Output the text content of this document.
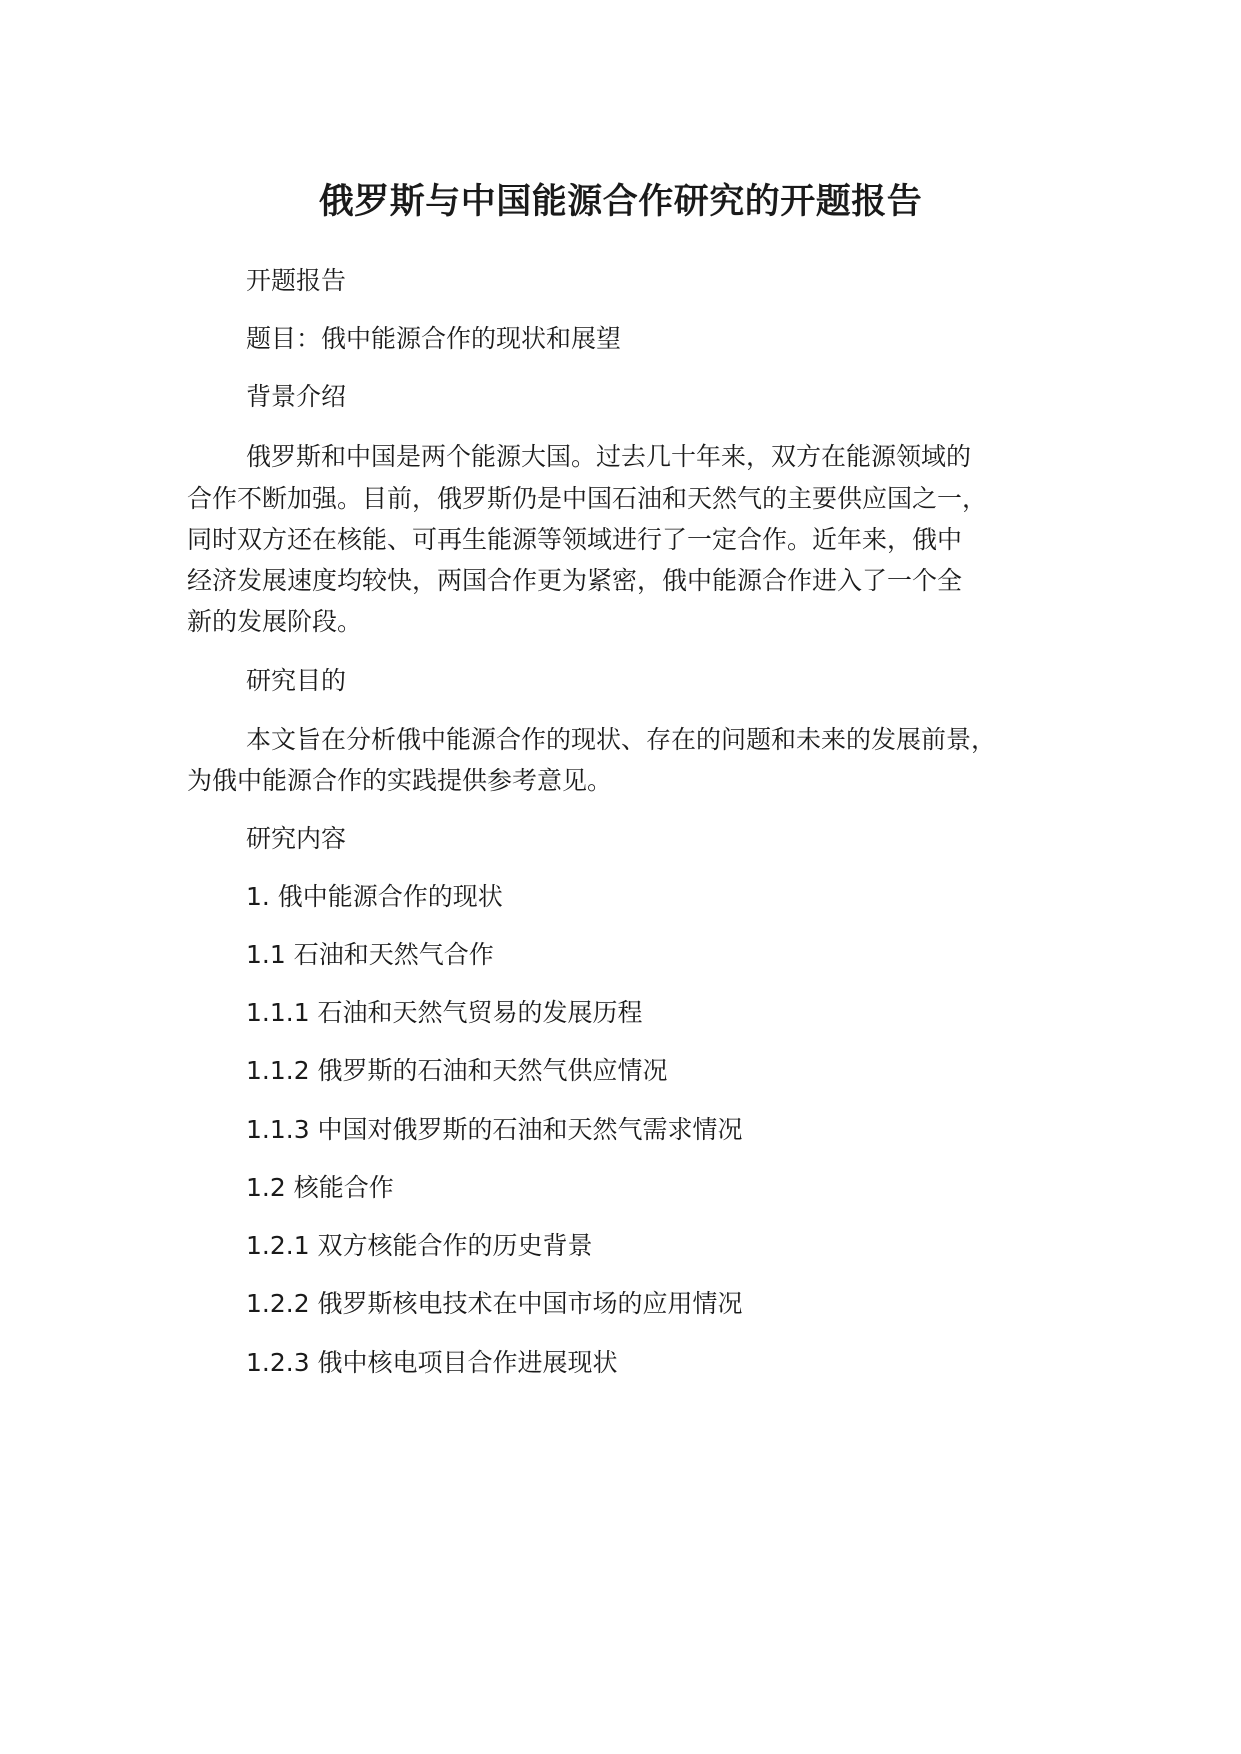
俄罗斯与中国能源合作研究的开题报告

开题报告

题目：俄中能源合作的现状和展望

背景介绍

俄罗斯和中国是两个能源大国。过去几十年来，双方在能源领域的

合作不断加强。目前，俄罗斯仍是中国石油和天然气的主要供应国之一，

同时双方还在核能、可再生能源等领域进行了一定合作。近年来，俄中

经济发展速度均较快，两国合作更为紧密，俄中能源合作进入了一个全

新的发展阶段。

研究目的

本文旨在分析俄中能源合作的现状、存在的问题和未来的发展前景，

为俄中能源合作的实践提供参考意见。

研究内容

1. 俄中能源合作的现状

1.1 石油和天然气合作

1.1.1 石油和天然气贸易的发展历程

1.1.2 俄罗斯的石油和天然气供应情况

1.1.3 中国对俄罗斯的石油和天然气需求情况

1.2 核能合作

1.2.1 双方核能合作的历史背景

1.2.2 俄罗斯核电技术在中国市场的应用情况

1.2.3 俄中核电项目合作进展现状
